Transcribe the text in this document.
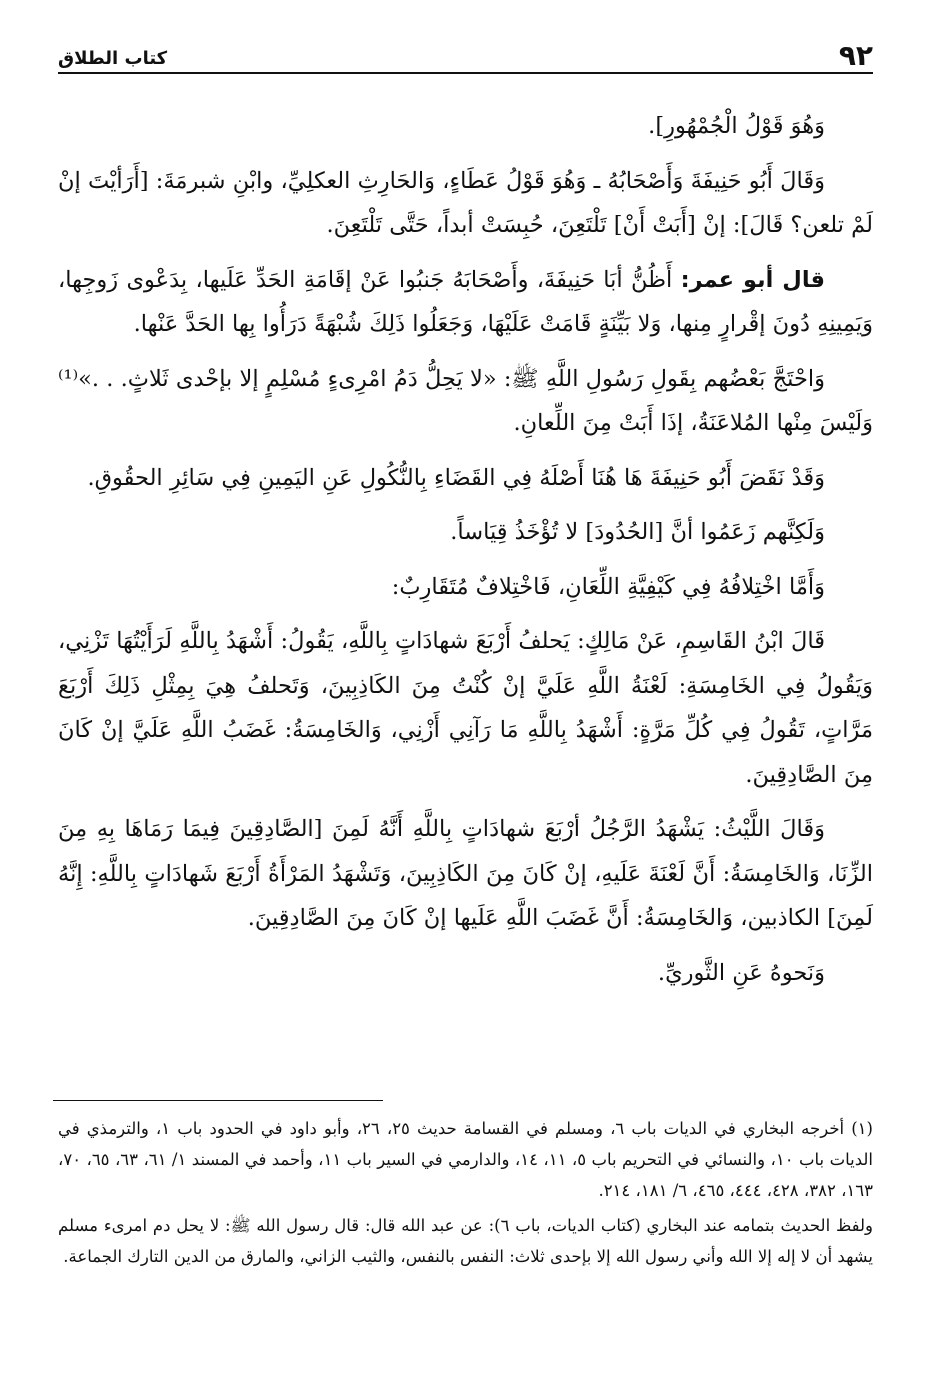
٩٢
كتاب الطلاق

وَهُوَ قَوْلُ الْجُمْهُورِ].

وَقَالَ أَبُو حَنِيفَةَ وَأَصْحَابُهُ ـ وَهُوَ قَوْلُ عَطَاءٍ، وَالحَارِثِ العكلِيِّ، وابْنِ شبرمَةَ: [أَرَأيْتَ إنْ لَمْ تلعن؟ قَالَ]: إنْ [أَبَتْ أَنْ] تَلْتَعِنَ، حُبِسَتْ أبداً، حَتَّى تَلْتَعِنَ.

قال أبو عمر: أَظُنُّ أبَا حَنِيفَةَ، وأَصْحَابَهُ جَنبُوا عَنْ إقَامَةِ الحَدِّ عَلَيها، بِدَعْوى زَوجِها، وَيَمِينِهِ دُونَ إقْرارٍ مِنها، وَلا بَيِّنَةٍ قَامَتْ عَلَيْهَا، وَجَعَلُوا ذَلِكَ شُبْهَةً دَرَأُوا بِها الحَدَّ عَنْها.

وَاحْتَجَّ بَعْضُهم بِقَولِ رَسُولِ اللَّهِ ﷺ: «لا يَحِلُّ دَمُ امْرِىءٍ مُسْلِمٍ إلا بإحْدى ثَلاثٍ. . .»⁽¹⁾ وَلَيْسَ مِنْها المُلاعَنَةُ، إذَا أَبَتْ مِنَ اللِّعانِ.

وَقَدْ نَقَضَ أَبُو حَنِيفَةَ هَا هُنَا أَصْلَهُ فِي القَضَاءِ بِالنُّكُولِ عَنِ اليَمِينِ فِي سَائِرِ الحقُوقِ.

وَلَكِنَّهم زَعَمُوا أنَّ [الحُدُودَ] لا تُؤْخَذُ قِيَاساً.

وَأَمَّا اخْتِلافُهُ فِي كَيْفِيَّةِ اللِّعَانِ، فَاخْتِلافٌ مُتَقَارِبٌ:

قَالَ ابْنُ القَاسِمِ، عَنْ مَالِكٍ: يَحلفُ أَرْبَعَ شهادَاتٍ بِاللَّهِ، يَقُولُ: أَشْهَدُ بِاللَّهِ لَرَأَيْتُهَا تَزْنِي، وَيَقُولُ فِي الخَامِسَةِ: لَعْنَةُ اللَّهِ عَلَيَّ إنْ كُنْتُ مِنَ الكَاذِبِينَ، وَتَحلفُ هِيَ بِمِثْلِ ذَلِكَ أَرْبَعَ مَرَّاتٍ، تَقُولُ فِي كُلِّ مَرَّةٍ: أَشْهَدُ بِاللَّهِ مَا رَآنِي أَزْنِي، وَالخَامِسَةُ: غَضَبُ اللَّهِ عَلَيَّ إنْ كَانَ مِنَ الصَّادِقِينَ.

وَقَالَ اللَّيْثُ: يَشْهَدُ الرَّجُلُ أرْبَعَ شهادَاتٍ بِاللَّهِ أَنَّهُ لَمِنَ [الصَّادِقِينَ فِيمَا رَمَاهَا بِهِ مِنَ الزِّنَا، وَالخَامِسَةُ: أَنَّ لَعْنَةَ عَلَيهِ، إنْ كَانَ مِنَ الكَاذِبِينَ، وَتَشْهَدُ المَرْأَةُ أَرْبَعَ شَهادَاتٍ بِاللَّهِ: إِنَّهُ لَمِنَ] الكاذبين، وَالخَامِسَةُ: أَنَّ غَضَبَ اللَّهِ عَلَيها إنْ كَانَ مِنَ الصَّادِقِينَ.

وَنَحوهُ عَنِ الثَّوريِّ.

(١) أخرجه البخاري في الديات باب ٦، ومسلم في القسامة حديث ٢٥، ٢٦، وأبو داود في الحدود باب ١، والترمذي في الديات باب ١٠، والنسائي في التحريم باب ٥، ١١، ١٤، والدارمي في السير باب ١١، وأحمد في المسند ١/ ٦١، ٦٣، ٦٥، ٧٠، ١٦٣، ٣٨٢، ٤٢٨، ٤٤٤، ٤٦٥، ٦/ ١٨١، ٢١٤.

ولفظ الحديث بتمامه عند البخاري (كتاب الديات، باب ٦): عن عبد الله قال: قال رسول الله ﷺ: لا يحل دم امرىء مسلم يشهد أن لا إله إلا الله وأني رسول الله إلا بإحدى ثلاث: النفس بالنفس، والثيب الزاني، والمارق من الدين التارك الجماعة.
